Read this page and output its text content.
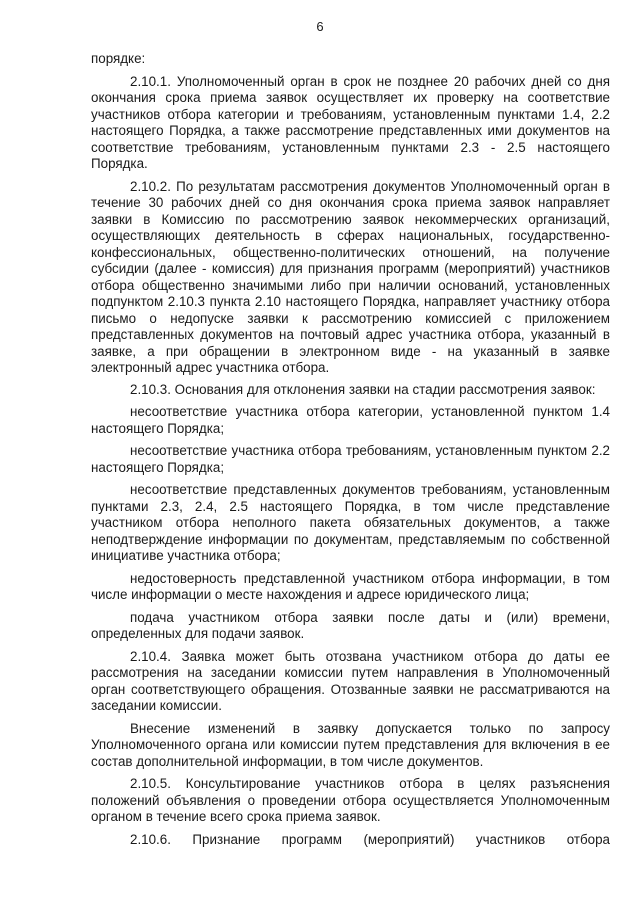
6

порядке:

2.10.1. Уполномоченный орган в срок не позднее 20 рабочих дней со дня окончания срока приема заявок осуществляет их проверку на соответствие участников отбора категории и требованиям, установленным пунктами 1.4, 2.2 настоящего Порядка, а также рассмотрение представленных ими документов на соответствие требованиям, установленным пунктами 2.3 - 2.5 настоящего Порядка.

2.10.2. По результатам рассмотрения документов Уполномоченный орган в течение 30 рабочих дней со дня окончания срока приема заявок направляет заявки в Комиссию по рассмотрению заявок некоммерческих организаций, осуществляющих деятельность в сферах национальных, государственно-конфессиональных, общественно-политических отношений, на получение субсидии (далее - комиссия) для признания программ (мероприятий) участников отбора общественно значимыми либо при наличии оснований, установленных подпунктом 2.10.3 пункта 2.10 настоящего Порядка, направляет участнику отбора письмо о недопуске заявки к рассмотрению комиссией с приложением представленных документов на почтовый адрес участника отбора, указанный в заявке, а при обращении в электронном виде - на указанный в заявке электронный адрес участника отбора.

2.10.3. Основания для отклонения заявки на стадии рассмотрения заявок:

несоответствие участника отбора категории, установленной пунктом 1.4 настоящего Порядка;

несоответствие участника отбора требованиям, установленным пунктом 2.2 настоящего Порядка;

несоответствие представленных документов требованиям, установленным пунктами 2.3, 2.4, 2.5 настоящего Порядка, в том числе представление участником отбора неполного пакета обязательных документов, а также неподтверждение информации по документам, представляемым по собственной инициативе участника отбора;

недостоверность представленной участником отбора информации, в том числе информации о месте нахождения и адресе юридического лица;

подача участником отбора заявки после даты и (или) времени, определенных для подачи заявок.

2.10.4. Заявка может быть отозвана участником отбора до даты ее рассмотрения на заседании комиссии путем направления в Уполномоченный орган соответствующего обращения. Отозванные заявки не рассматриваются на заседании комиссии.

Внесение изменений в заявку допускается только по запросу Уполномоченного органа или комиссии путем представления для включения в ее состав дополнительной информации, в том числе документов.

2.10.5. Консультирование участников отбора в целях разъяснения положений объявления о проведении отбора осуществляется Уполномоченным органом в течение всего срока приема заявок.

2.10.6. Признание программ (мероприятий) участников отбора
